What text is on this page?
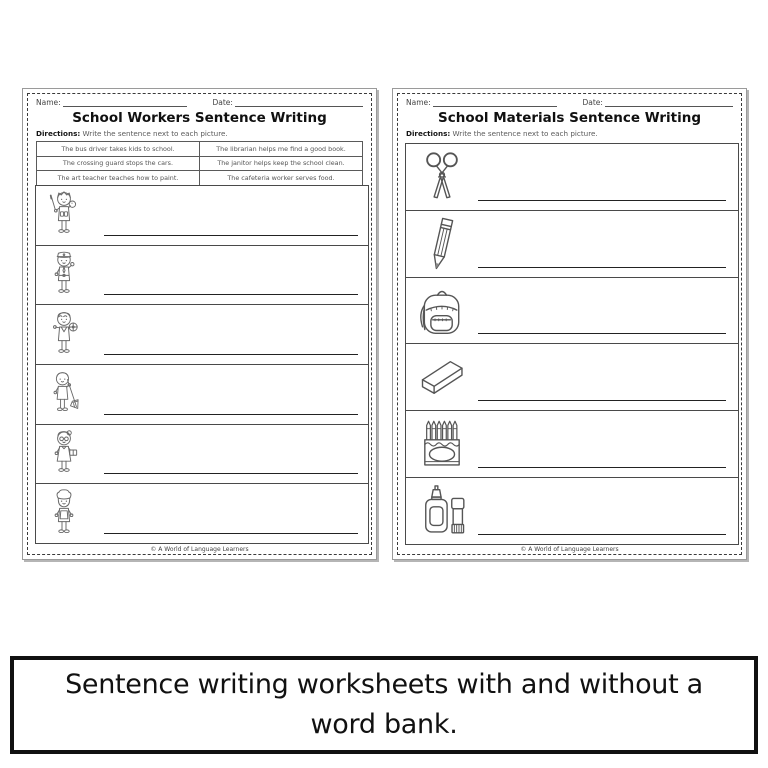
Name:	Date:
School Workers Sentence Writing
Directions: Write the sentence next to each picture.
The bus driver takes kids to school.	The librarian helps me find a good book.
The crossing guard stops the cars.	The janitor helps keep the school clean.
The art teacher teaches how to paint.	The cafeteria worker serves food.
© A World of Language Learners
Name:	Date:
School Materials Sentence Writing
Directions: Write the sentence next to each picture.
© A World of Language Learners
Sentence writing worksheets with and without a
word bank.
